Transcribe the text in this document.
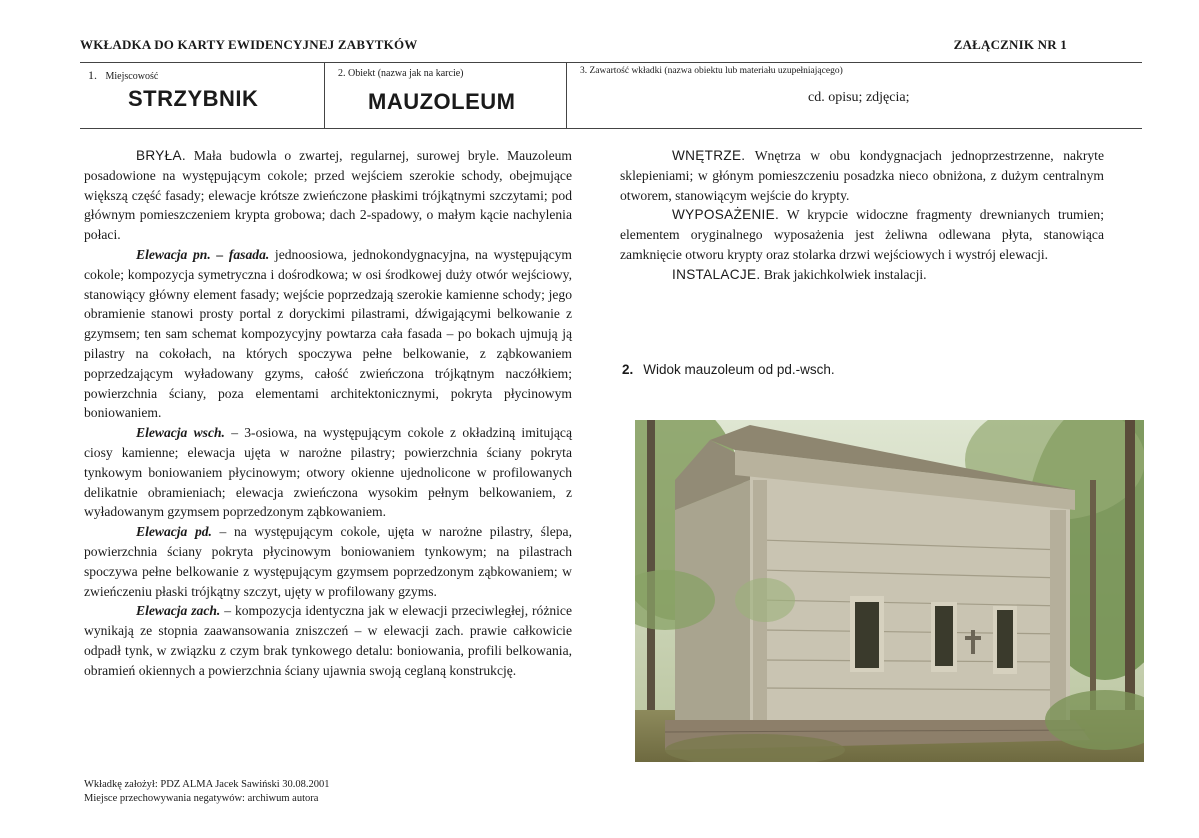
WKŁADKA DO KARTY EWIDENCYJNEJ ZABYTKÓW	ZAŁĄCZNIK NR 1
1. Miejscowość
STRZYBNIK
2. Obiekt (nazwa jak na karcie)
MAUZOLEUM
3. Zawartość wkładki (nazwa obiektu lub materiału uzupełniającego)
cd. opisu; zdjęcia;

BRYŁA. Mała budowla o zwartej, regularnej, surowej bryle. Mauzoleum posadowione na występującym cokole; przed wejściem szerokie schody, obejmujące większą część fasady; elewacje krótsze zwieńczone płaskimi trójkątnymi szczytami; pod głównym pomieszczeniem krypta grobowa; dach 2-spadowy, o małym kącie nachylenia połaci.

Elewacja pn. – fasada. jednoosiowa, jednokondygnacyjna, na występującym cokole; kompozycja symetryczna i dośrodkowa; w osi środkowej duży otwór wejściowy, stanowiący główny element fasady; wejście poprzedzają szerokie kamienne schody; jego obramienie stanowi prosty portal z doryckimi pilastrami, dźwigającymi belkowanie z gzymsem; ten sam schemat kompozycyjny powtarza cała fasada – po bokach ujmują ją pilastry na cokołach, na których spoczywa pełne belkowanie, z ząbkowaniem poprzedzającym wyładowany gzyms, całość zwieńczona trójkątnym naczółkiem; powierzchnia ściany, poza elementami architektonicznymi, pokryta płycinowym boniowaniem.

Elewacja wsch. – 3-osiowa, na występującym cokole z okładziną imitującą ciosy kamienne; elewacja ujęta w narożne pilastry; powierzchnia ściany pokryta tynkowym boniowaniem płycinowym; otwory okienne ujednolicone w profilowanych delikatnie obramieniach; elewacja zwieńczona wysokim pełnym belkowaniem, z wyładowanym gzymsem poprzedzonym ząbkowaniem.

Elewacja pd. – na występującym cokole, ujęta w narożne pilastry, ślepa, powierzchnia ściany pokryta płycinowym boniowaniem tynkowym; na pilastrach spoczywa pełne belkowanie z występującym gzymsem poprzedzonym ząbkowaniem; w zwieńczeniu płaski trójkątny szczyt, ujęty w profilowany gzyms.

Elewacja zach. – kompozycja identyczna jak w elewacji przeciwległej, różnice wynikają ze stopnia zaawansowania zniszczeń – w elewacji zach. prawie całkowicie odpadł tynk, w związku z czym brak tynkowego detalu: boniowania, profili belkowania, obramień okiennych a powierzchnia ściany ujawnia swoją ceglaną konstrukcję.

WNĘTRZE. Wnętrza w obu kondygnacjach jednoprzestrzenne, nakryte sklepieniami; w głónym pomieszczeniu posadzka nieco obniżona, z dużym centralnym otworem, stanowiącym wejście do krypty.

WYPOSAŻENIE. W krypcie widoczne fragmenty drewnianych trumien; elementem oryginalnego wyposażenia jest żeliwna odlewana płyta, stanowiąca zamknięcie otworu krypty oraz stolarka drzwi wejściowych i wystrój elewacji.

INSTALACJE. Brak jakichkolwiek instalacji.

2. Widok mauzoleum od pd.-wsch.
Wkładkę założył: PDZ ALMA Jacek Sawiński 30.08.2001
Miejsce przechowywania negatywów: archiwum autora
